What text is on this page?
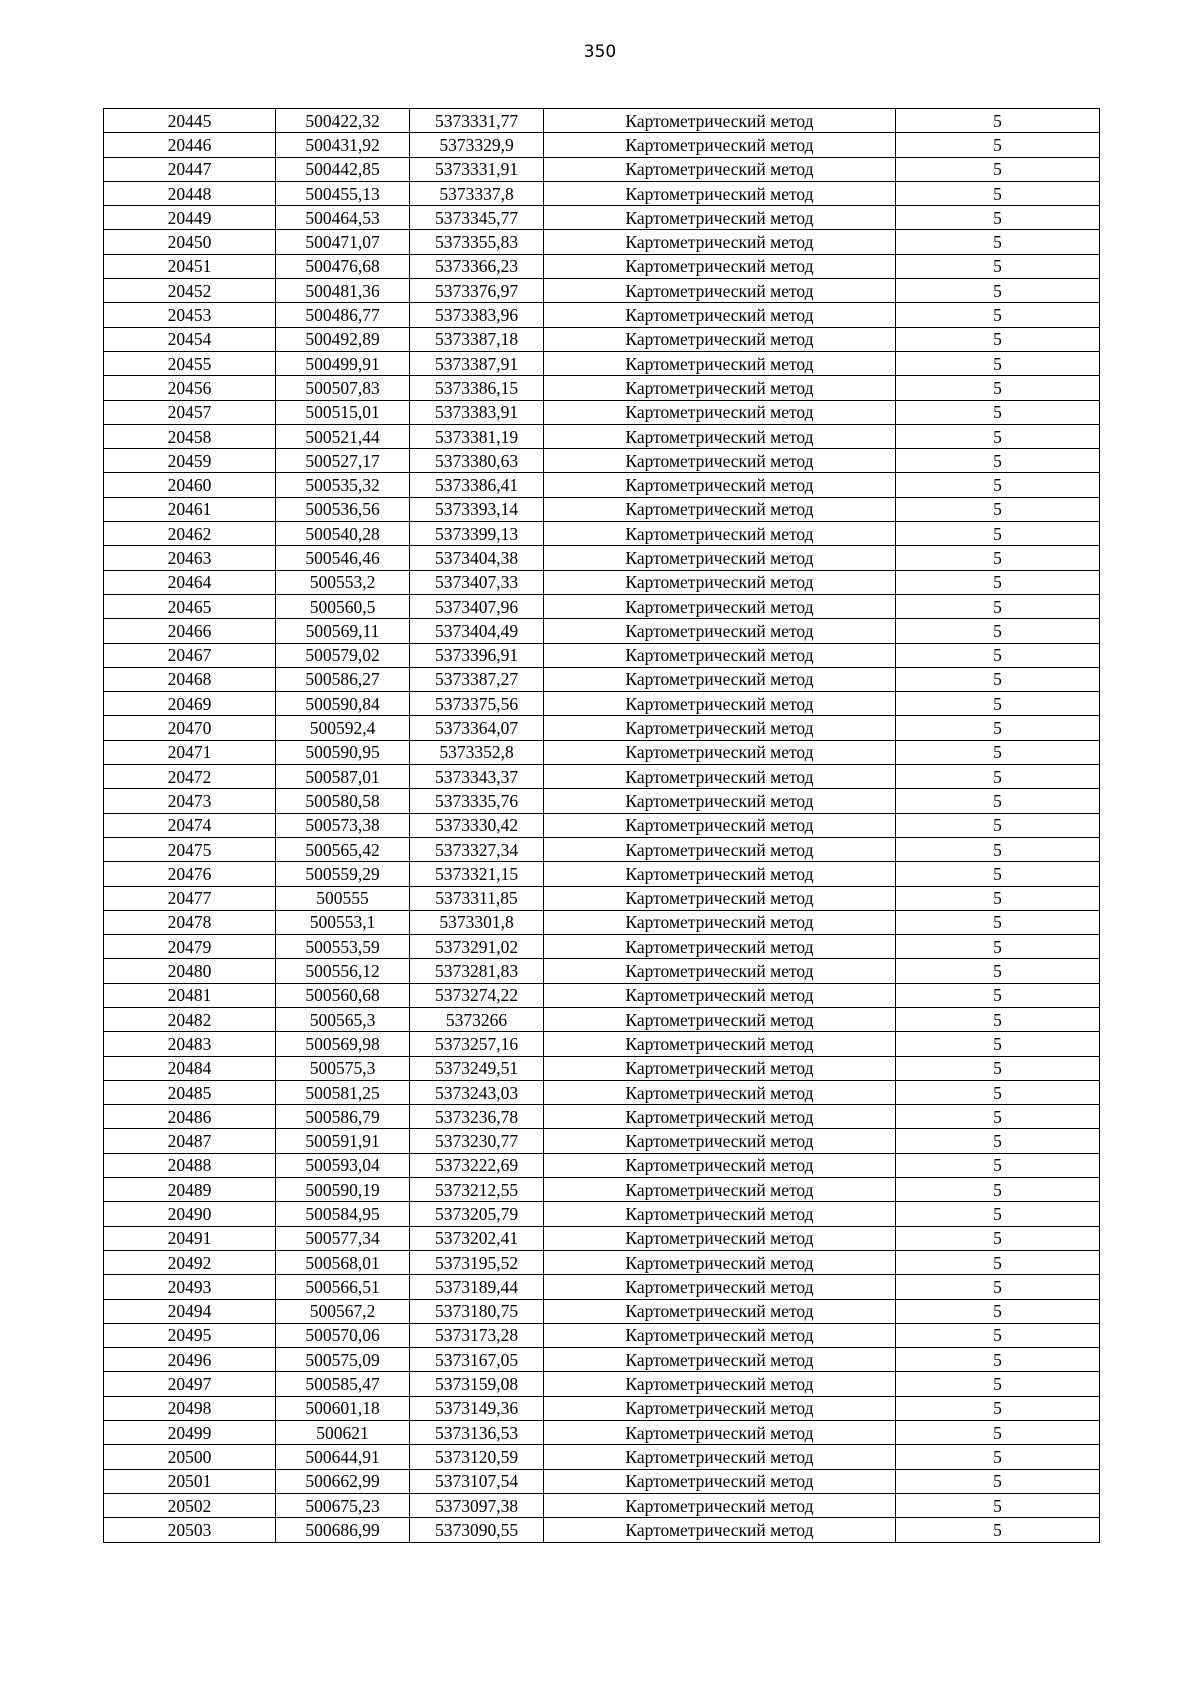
350
20445	500422,32	5373331,77	Картометрический метод	5
20446	500431,92	5373329,9	Картометрический метод	5
20447	500442,85	5373331,91	Картометрический метод	5
20448	500455,13	5373337,8	Картометрический метод	5
20449	500464,53	5373345,77	Картометрический метод	5
20450	500471,07	5373355,83	Картометрический метод	5
20451	500476,68	5373366,23	Картометрический метод	5
20452	500481,36	5373376,97	Картометрический метод	5
20453	500486,77	5373383,96	Картометрический метод	5
20454	500492,89	5373387,18	Картометрический метод	5
20455	500499,91	5373387,91	Картометрический метод	5
20456	500507,83	5373386,15	Картометрический метод	5
20457	500515,01	5373383,91	Картометрический метод	5
20458	500521,44	5373381,19	Картометрический метод	5
20459	500527,17	5373380,63	Картометрический метод	5
20460	500535,32	5373386,41	Картометрический метод	5
20461	500536,56	5373393,14	Картометрический метод	5
20462	500540,28	5373399,13	Картометрический метод	5
20463	500546,46	5373404,38	Картометрический метод	5
20464	500553,2	5373407,33	Картометрический метод	5
20465	500560,5	5373407,96	Картометрический метод	5
20466	500569,11	5373404,49	Картометрический метод	5
20467	500579,02	5373396,91	Картометрический метод	5
20468	500586,27	5373387,27	Картометрический метод	5
20469	500590,84	5373375,56	Картометрический метод	5
20470	500592,4	5373364,07	Картометрический метод	5
20471	500590,95	5373352,8	Картометрический метод	5
20472	500587,01	5373343,37	Картометрический метод	5
20473	500580,58	5373335,76	Картометрический метод	5
20474	500573,38	5373330,42	Картометрический метод	5
20475	500565,42	5373327,34	Картометрический метод	5
20476	500559,29	5373321,15	Картометрический метод	5
20477	500555	5373311,85	Картометрический метод	5
20478	500553,1	5373301,8	Картометрический метод	5
20479	500553,59	5373291,02	Картометрический метод	5
20480	500556,12	5373281,83	Картометрический метод	5
20481	500560,68	5373274,22	Картометрический метод	5
20482	500565,3	5373266	Картометрический метод	5
20483	500569,98	5373257,16	Картометрический метод	5
20484	500575,3	5373249,51	Картометрический метод	5
20485	500581,25	5373243,03	Картометрический метод	5
20486	500586,79	5373236,78	Картометрический метод	5
20487	500591,91	5373230,77	Картометрический метод	5
20488	500593,04	5373222,69	Картометрический метод	5
20489	500590,19	5373212,55	Картометрический метод	5
20490	500584,95	5373205,79	Картометрический метод	5
20491	500577,34	5373202,41	Картометрический метод	5
20492	500568,01	5373195,52	Картометрический метод	5
20493	500566,51	5373189,44	Картометрический метод	5
20494	500567,2	5373180,75	Картометрический метод	5
20495	500570,06	5373173,28	Картометрический метод	5
20496	500575,09	5373167,05	Картометрический метод	5
20497	500585,47	5373159,08	Картометрический метод	5
20498	500601,18	5373149,36	Картометрический метод	5
20499	500621	5373136,53	Картометрический метод	5
20500	500644,91	5373120,59	Картометрический метод	5
20501	500662,99	5373107,54	Картометрический метод	5
20502	500675,23	5373097,38	Картометрический метод	5
20503	500686,99	5373090,55	Картометрический метод	5
